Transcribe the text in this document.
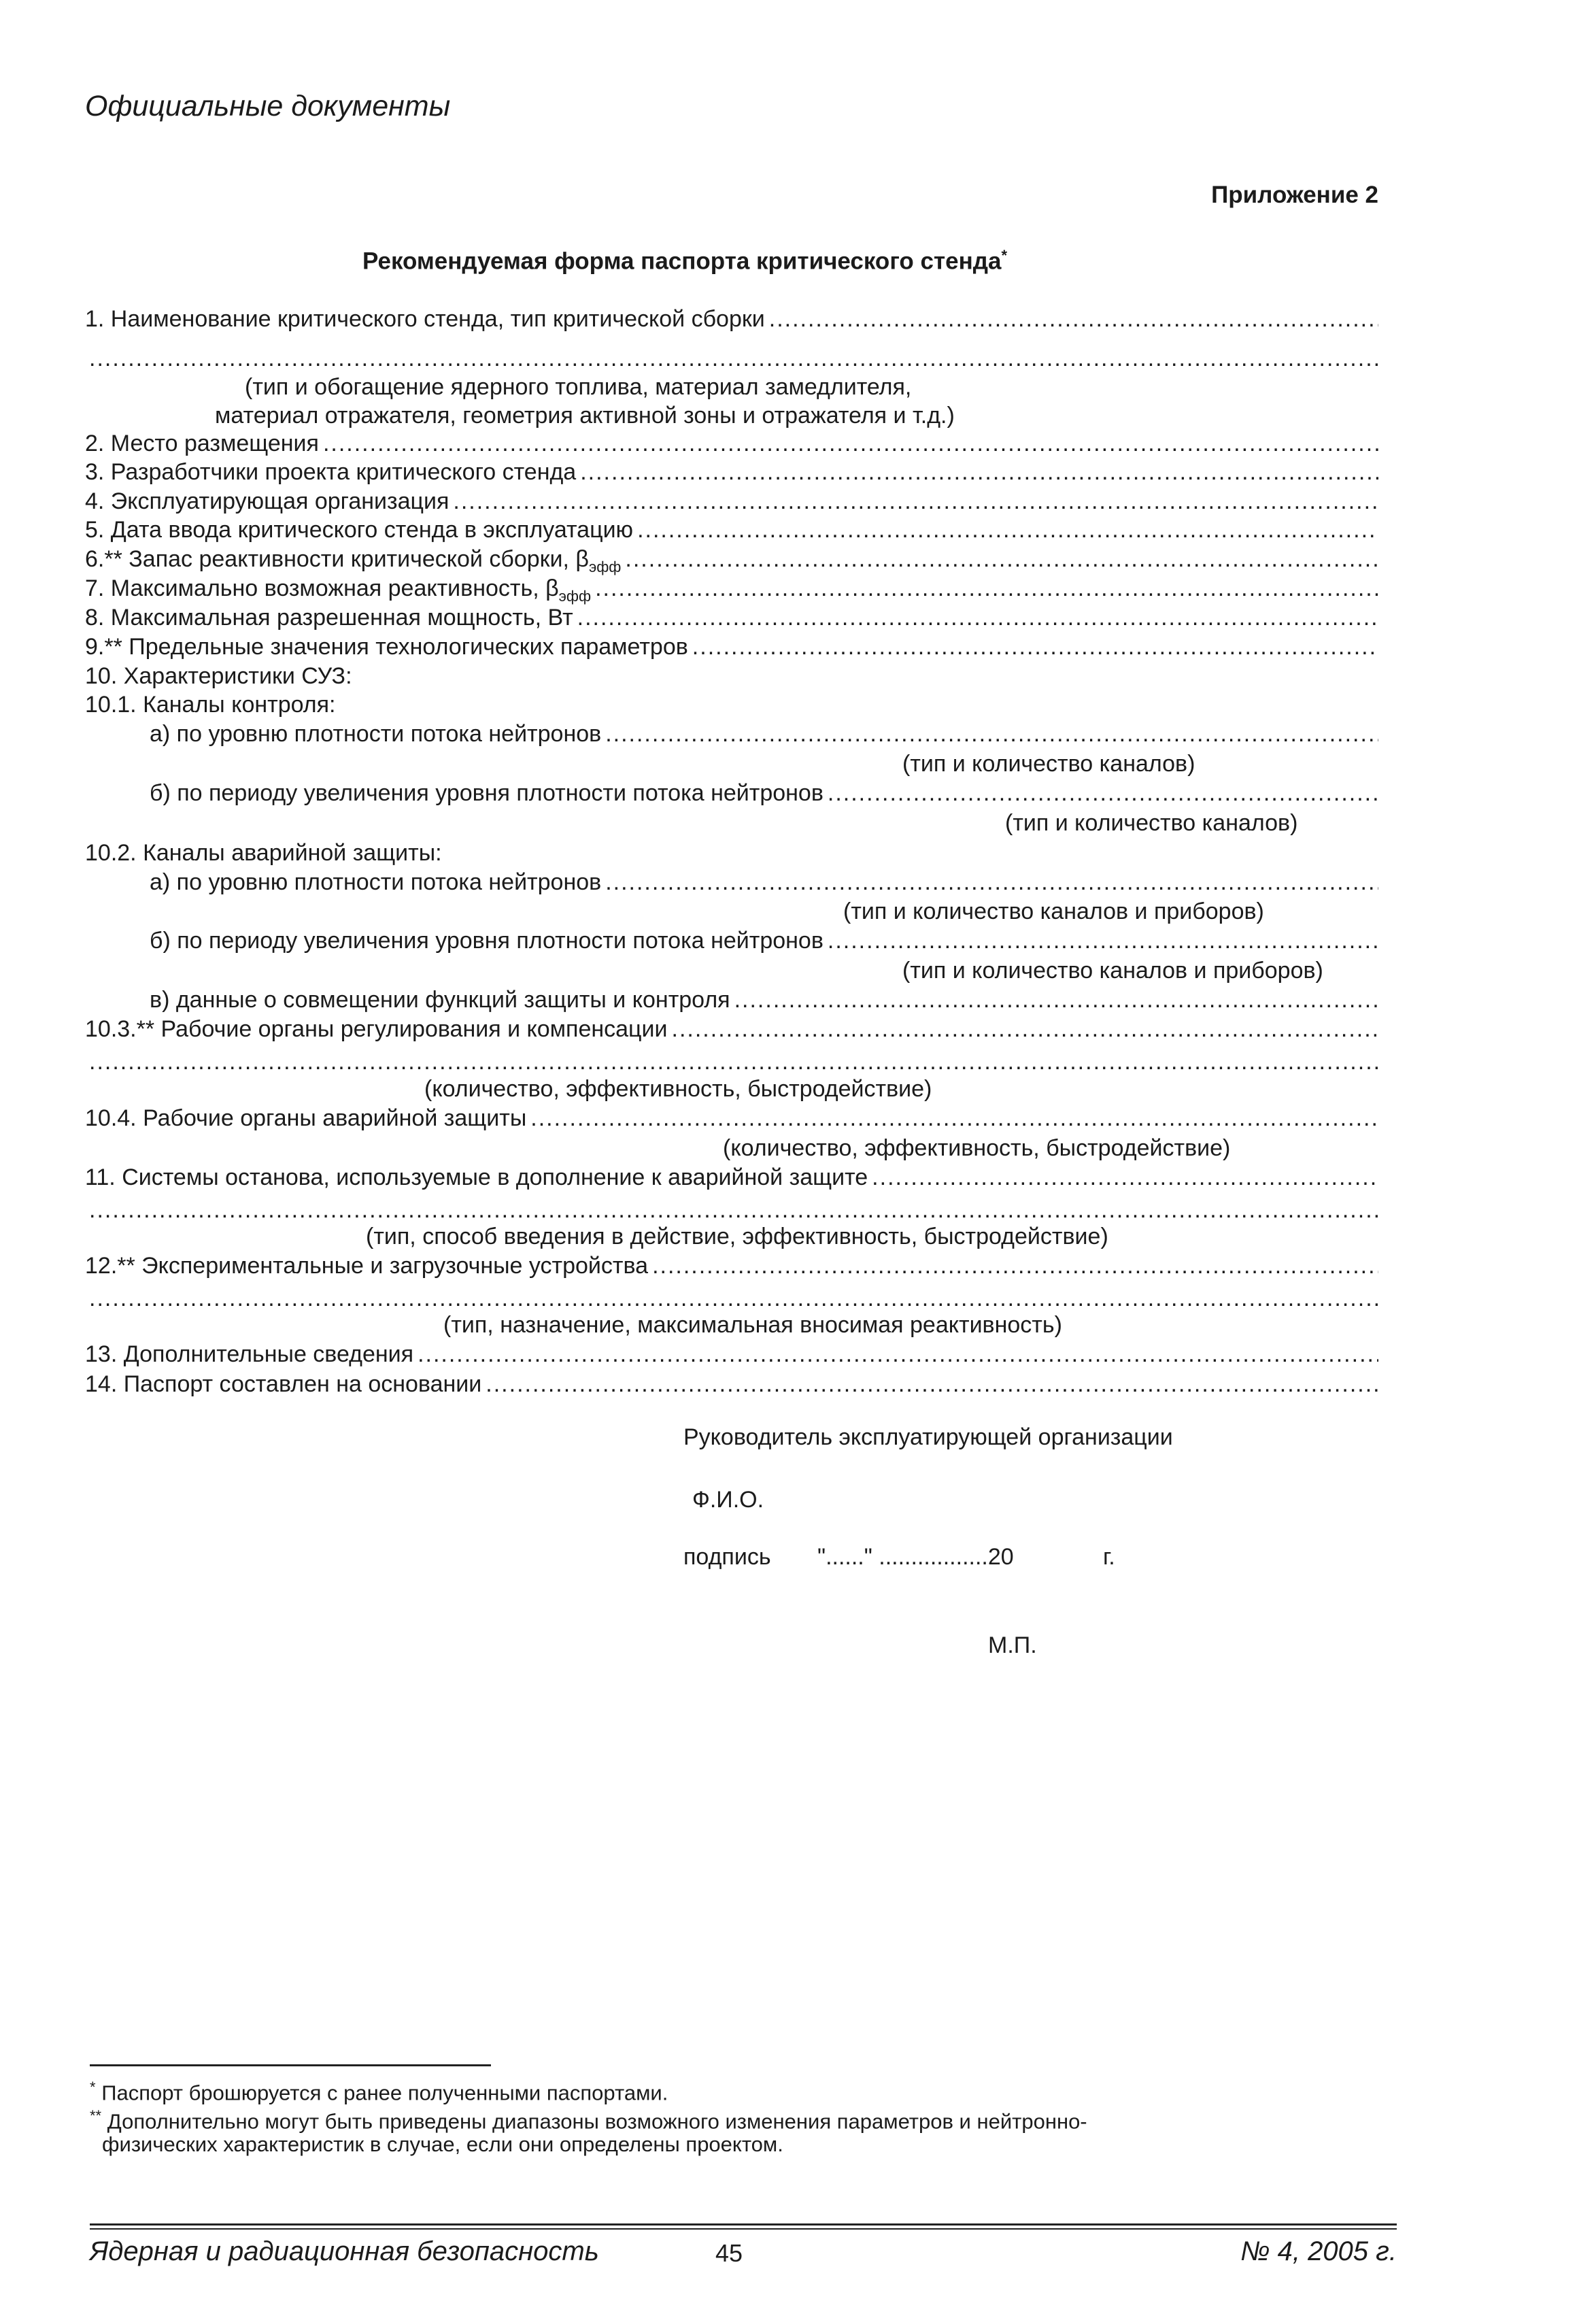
Официальные документы
Приложение 2
Рекомендуемая форма паспорта критического стенда*
1. Наименование критического стенда, тип критической сборки
.....
.....
(тип и обогащение ядерного топлива, материал замедлителя,
материал отражателя, геометрия активной зоны и отражателя и т.д.)
2. Место размещения
.....
3. Разработчики проекта критического стенда
.....
4. Эксплуатирующая организация
.....
5. Дата ввода критического стенда в эксплуатацию
.....
6.** Запас реактивности критической сборки, $\beta_{эфф}$
.....
7. Максимально возможная реактивность, $\beta_{эфф}$
.....
8. Максимальная разрешенная мощность, Вт
.....
9.** Предельные значения технологических параметров
.....
10. Характеристики СУЗ:
10.1. Каналы контроля:
а) по уровню плотности потока нейтронов
.....
(тип и количество каналов)
б) по периоду увеличения уровня плотности потока нейтронов
.....
(тип и количество каналов)
10.2. Каналы аварийной защиты:
а) по уровню плотности потока нейтронов
.....
(тип и количество каналов и приборов)
б) по периоду увеличения уровня плотности потока нейтронов
.....
(тип и количество каналов и приборов)
в) данные о совмещении функций защиты и контроля
.....
10.3.** Рабочие органы регулирования и компенсации
.....
.....
(количество, эффективность, быстродействие)
10.4. Рабочие органы аварийной защиты
.....
(количество, эффективность, быстродействие)
11. Системы останова, используемые в дополнение к аварийной защите
.....
.....
(тип, способ введения в действие, эффективность, быстродействие)
12.** Экспериментальные и загрузочные устройства
.....
.....
(тип, назначение, максимальная вносимая реактивность)
13. Дополнительные сведения
.....
14. Паспорт составлен на основании
.....
Руководитель эксплуатирующей организации
Ф.И.О.
подпись "......" .................20	г.
М.П.
* Паспорт брошюруется с ранее полученными паспортами.
** Дополнительно могут быть приведены диапазоны возможного изменения параметров и нейтронно-
физических характеристик в случае, если они определены проектом.
Ядерная и радиационная безопасность	45	№ 4, 2005 г.
